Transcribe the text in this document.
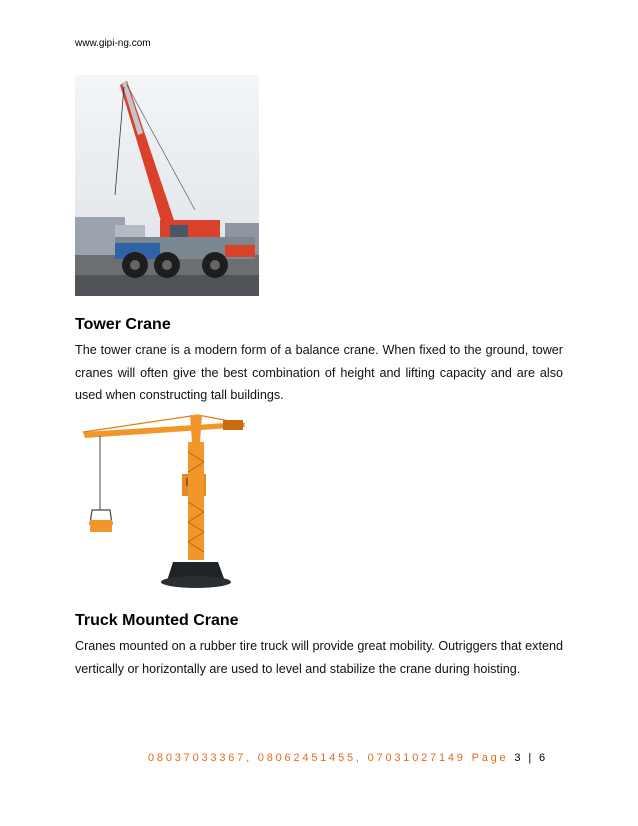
www.gipi-ng.com
Tower Crane
The tower crane is a modern form of a balance crane. When fixed to the ground, tower cranes will often give the best combination of height and lifting capacity and are also used when constructing tall buildings.
Truck Mounted Crane
Cranes mounted on a rubber tire truck will provide great mobility. Outriggers that extend vertically or horizontally are used to level and stabilize the crane during hoisting.
08037033367, 08062451455, 07031027149 Page 3 | 6
